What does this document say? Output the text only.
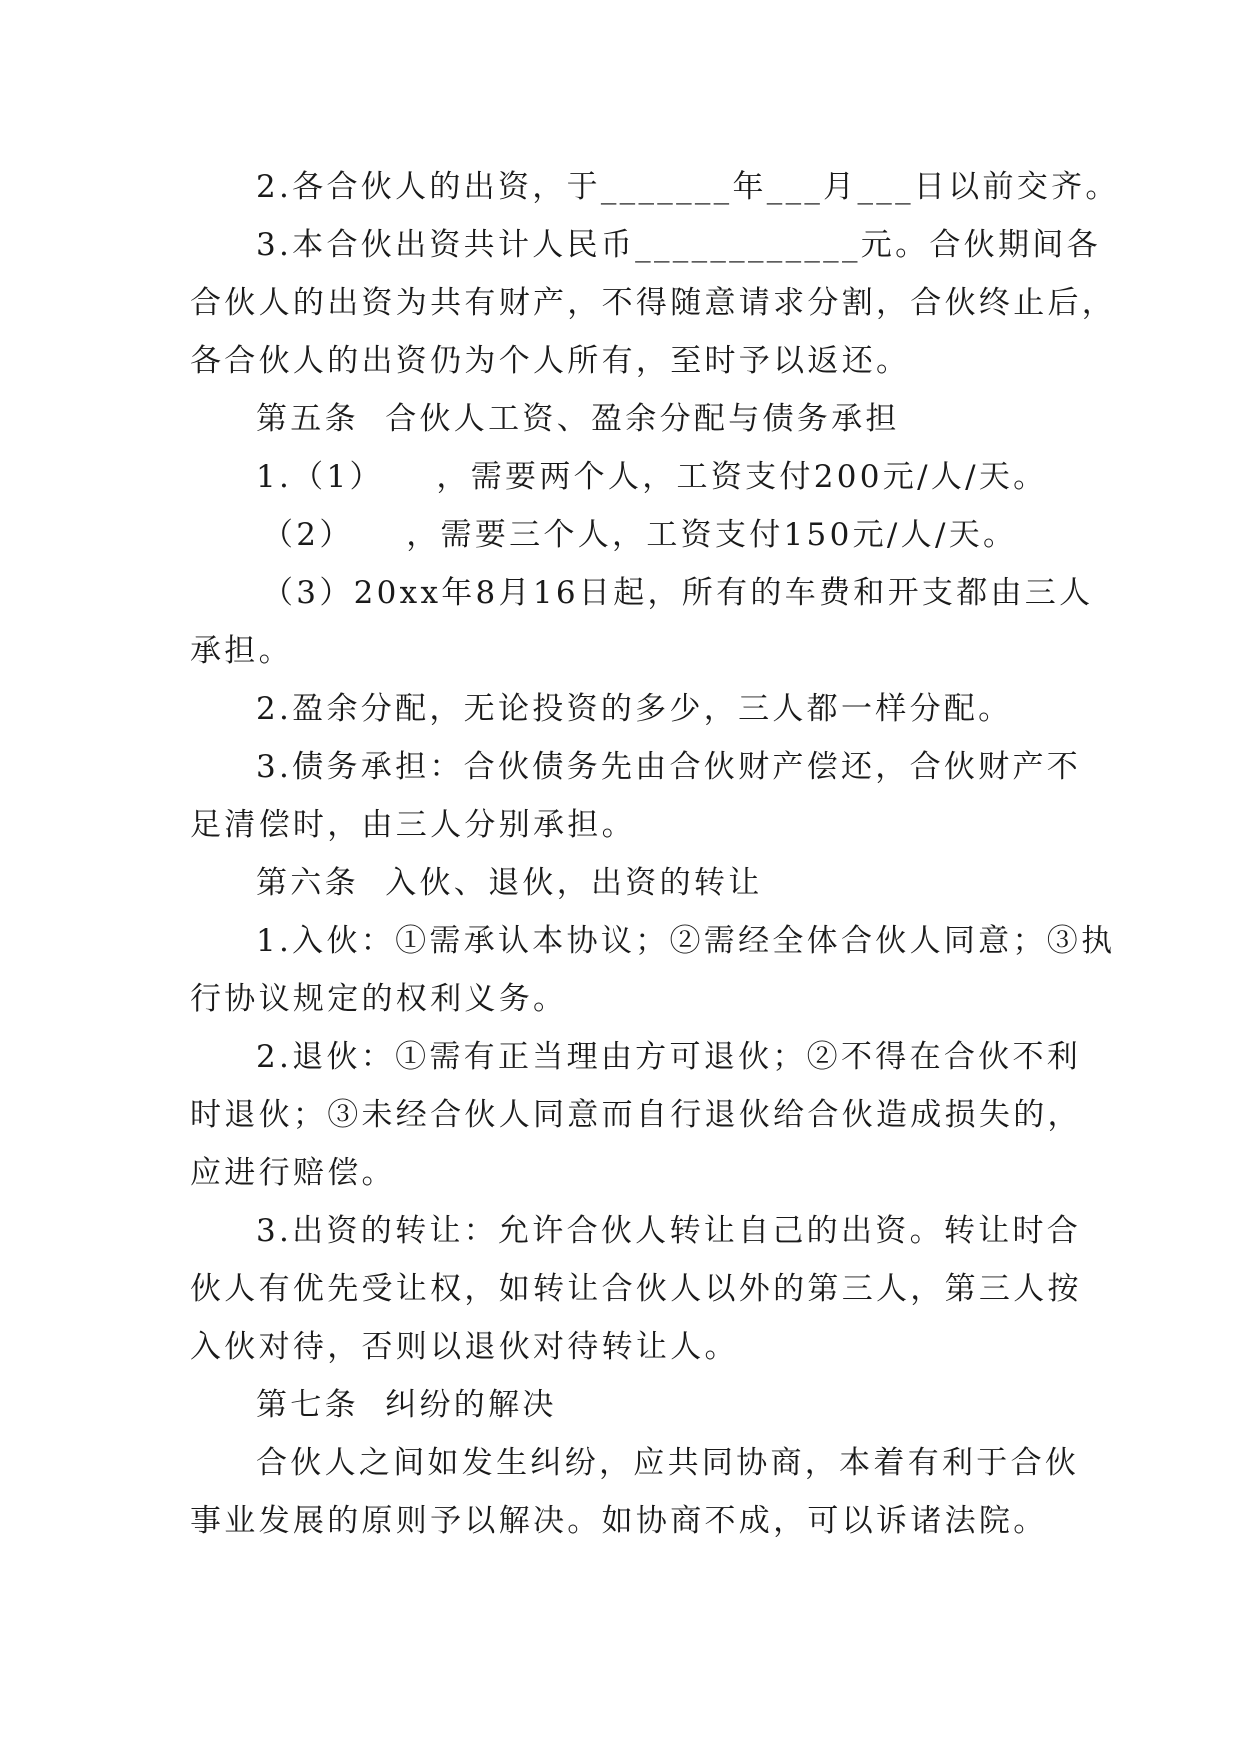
2.各合伙人的出资，于_______年___月___日以前交齐。
3.本合伙出资共计人民币____________元。合伙期间各
合伙人的出资为共有财产，不得随意请求分割，合伙终止后，
各合伙人的出资仍为个人所有，至时予以返还。
第五条  合伙人工资、盈余分配与债务承担
1.（1）    ，需要两个人，工资支付200元/人/天。
（2）    ，需要三个人，工资支付150元/人/天。
（3）20xx年8月16日起，所有的车费和开支都由三人
承担。
2.盈余分配，无论投资的多少，三人都一样分配。
3.债务承担：合伙债务先由合伙财产偿还，合伙财产不
足清偿时，由三人分别承担。
第六条  入伙、退伙，出资的转让
1.入伙：①需承认本协议；②需经全体合伙人同意；③执
行协议规定的权利义务。
2.退伙：①需有正当理由方可退伙；②不得在合伙不利
时退伙；③未经合伙人同意而自行退伙给合伙造成损失的，
应进行赔偿。
3.出资的转让：允许合伙人转让自己的出资。转让时合
伙人有优先受让权，如转让合伙人以外的第三人，第三人按
入伙对待，否则以退伙对待转让人。
第七条  纠纷的解决
合伙人之间如发生纠纷，应共同协商，本着有利于合伙
事业发展的原则予以解决。如协商不成，可以诉诸法院。
